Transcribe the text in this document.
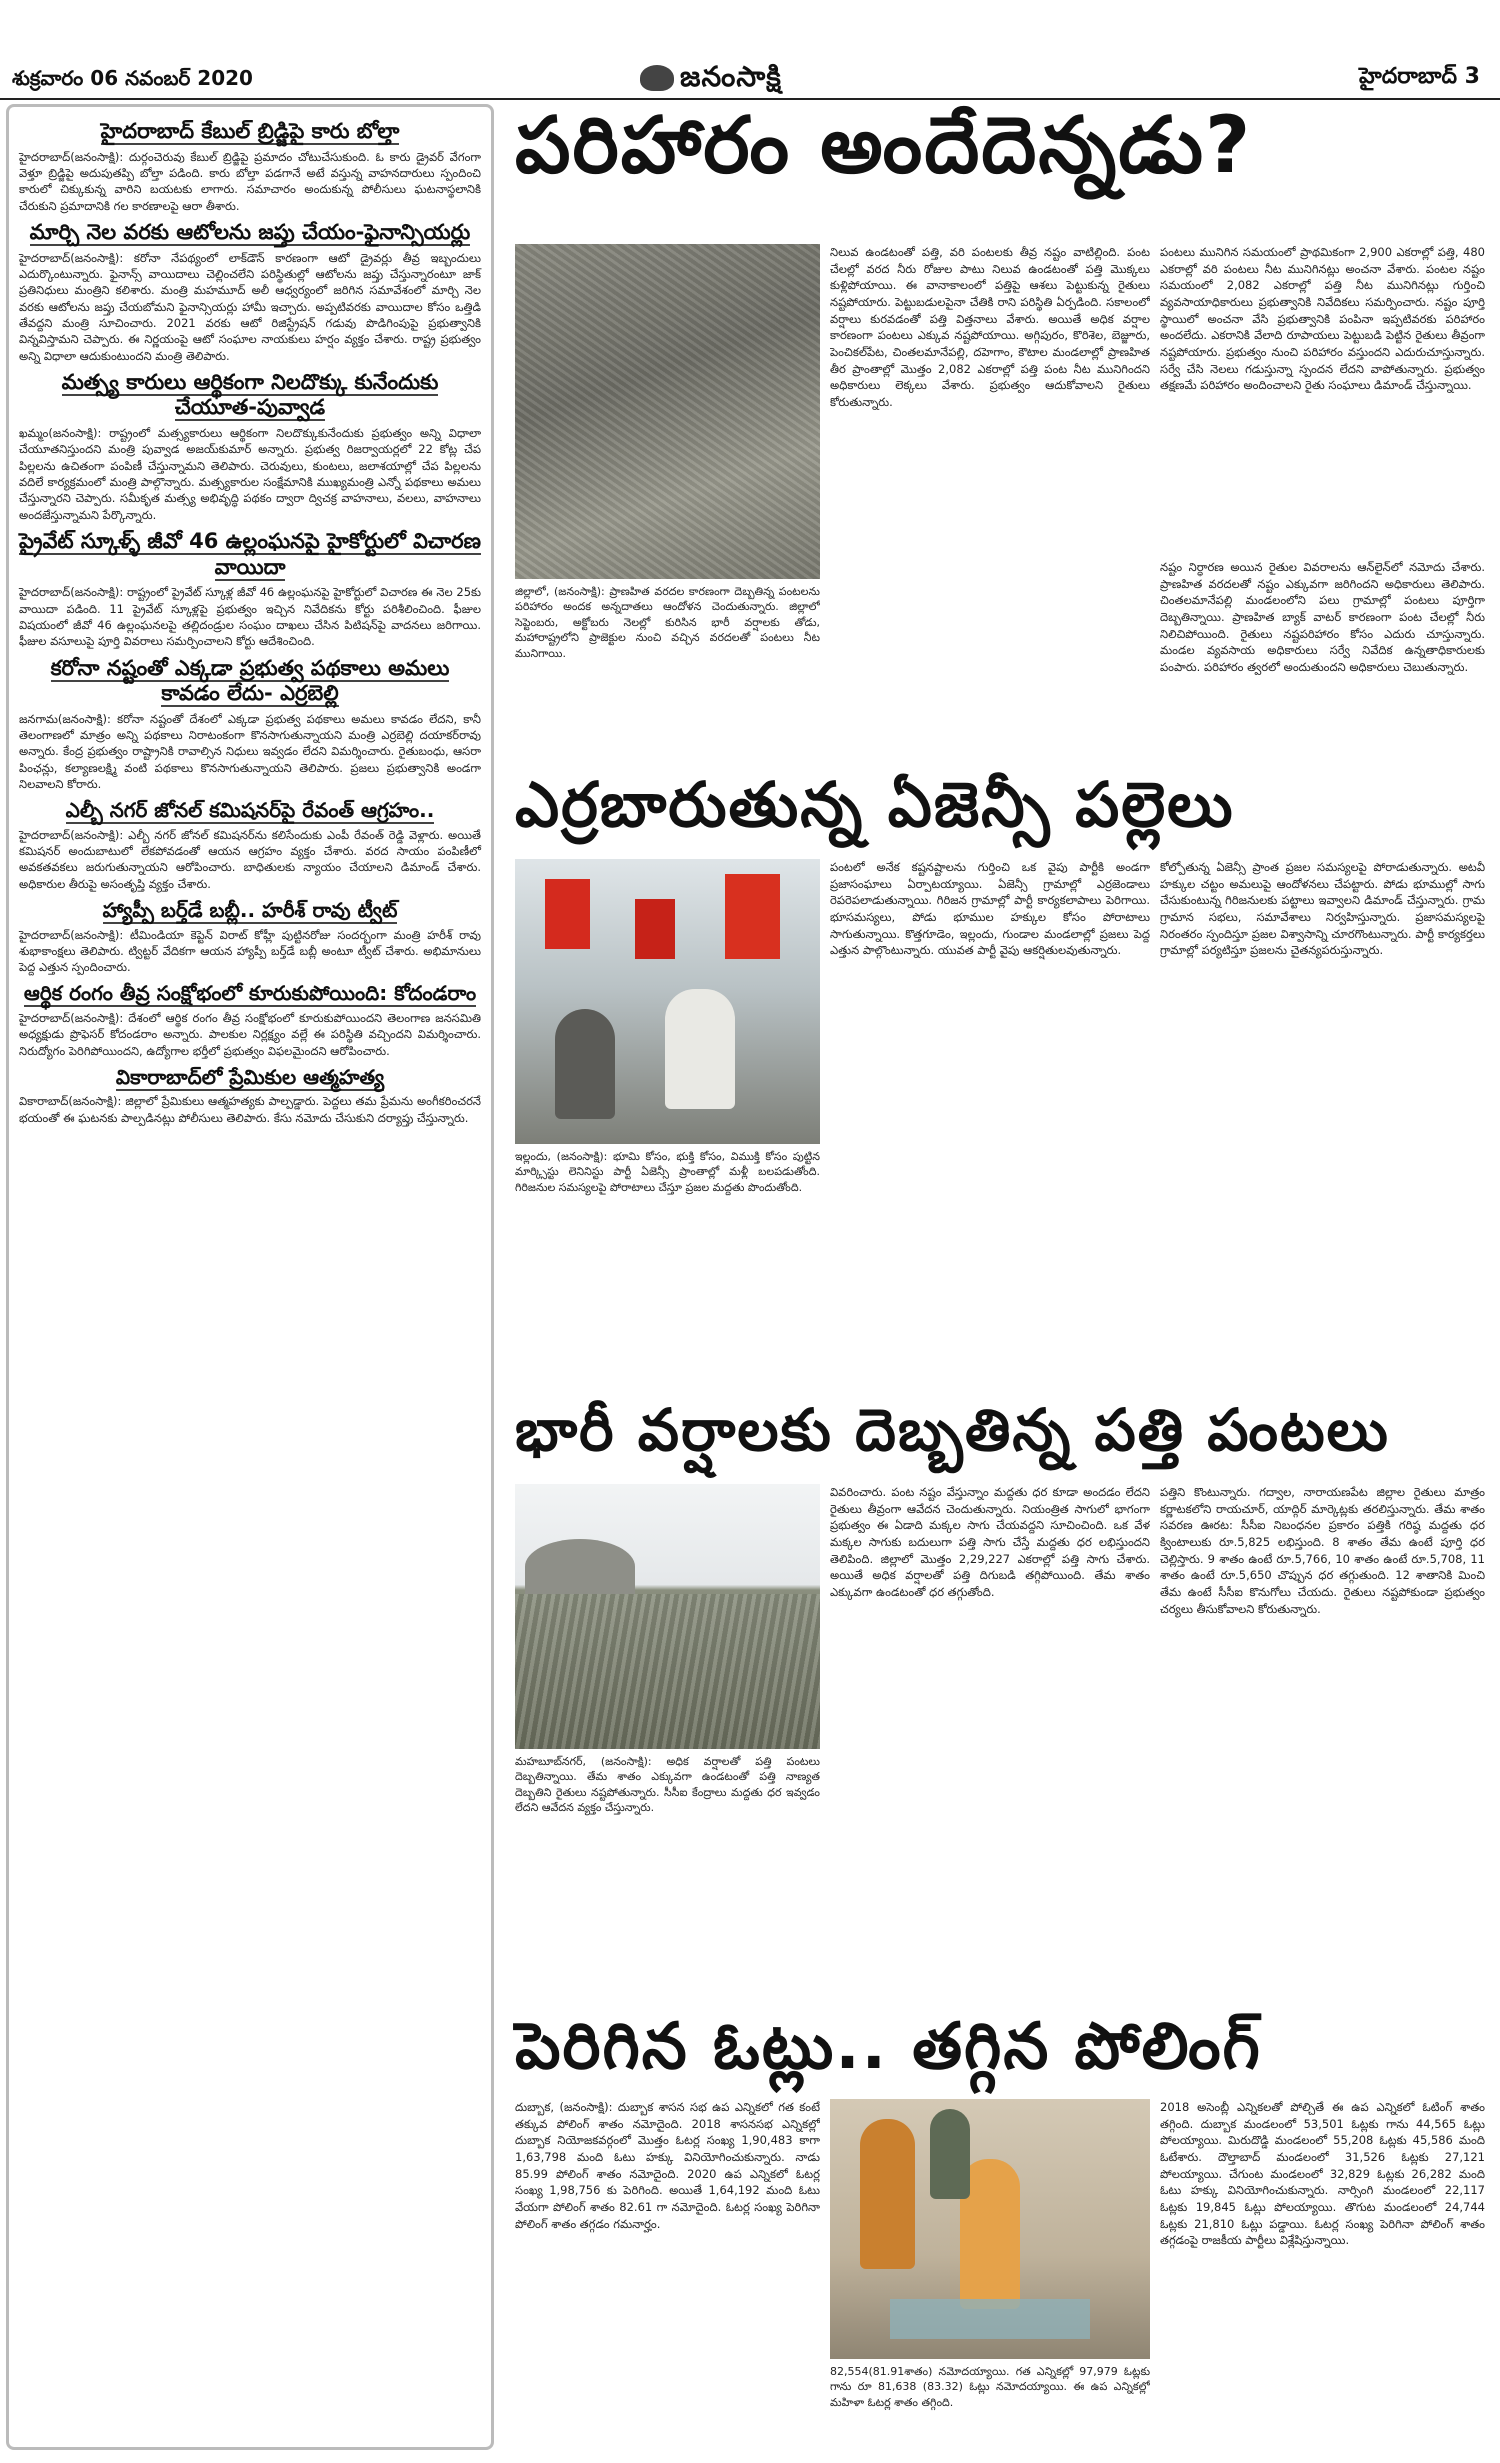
శుక్రవారం 06 నవంబర్ 2020	జనంసాక్షి	హైదరాబాద్ 3
హైదరాబాద్ కేబుల్ బ్రిడ్జిపై కారు బోల్తా
హైదరాబాద్(జనంసాక్షి): దుర్గంచెరువు కేబుల్ బ్రిడ్జిపై ప్రమాదం చోటుచేసుకుంది. ఓ కారు డ్రైవర్ వేగంగా వెళ్తూ బ్రిడ్జిపై అదుపుతప్పి బోల్తా పడింది. కారు బోల్తా పడగానే అటే వస్తున్న వాహనదారులు స్పందించి కారులో చిక్కుకున్న వారిని బయటకు లాగారు. సమాచారం అందుకున్న పోలీసులు ఘటనాస్థలానికి చేరుకుని ప్రమాదానికి గల కారణాలపై ఆరా తీశారు.
మార్చి నెల వరకు ఆటోలను జప్తు చేయం-ఫైనాన్సియర్లు
హైదరాబాద్(జనంసాక్షి): కరోనా నేపథ్యంలో లాక్‌డౌన్ కారణంగా ఆటో డ్రైవర్లు తీవ్ర ఇబ్బందులు ఎదుర్కొంటున్నారు. ఫైనాన్స్ వాయిదాలు చెల్లించలేని పరిస్థితుల్లో ఆటోలను జప్తు చేస్తున్నారంటూ జాక్ ప్రతినిధులు మంత్రిని కలిశారు. మంత్రి మహమూద్ అలీ ఆధ్వర్యంలో జరిగిన సమావేశంలో మార్చి నెల వరకు ఆటోలను జప్తు చేయబోమని ఫైనాన్సియర్లు హామీ ఇచ్చారు. అప్పటివరకు వాయిదాల కోసం ఒత్తిడి తేవద్దని మంత్రి సూచించారు. 2021 వరకు ఆటో రిజిస్ట్రేషన్ గడువు పొడిగింపుపై ప్రభుత్వానికి విన్నవిస్తామని చెప్పారు. ఈ నిర్ణయంపై ఆటో సంఘాల నాయకులు హర్షం వ్యక్తం చేశారు. రాష్ట్ర ప్రభుత్వం అన్ని విధాలా ఆదుకుంటుందని మంత్రి తెలిపారు.
మత్స్య కారులు ఆర్థికంగా నిలదొక్కు కునేందుకు చేయూత-పువ్వాడ
ఖమ్మం(జనంసాక్షి): రాష్ట్రంలో మత్స్యకారులు ఆర్థికంగా నిలదొక్కుకునేందుకు ప్రభుత్వం అన్ని విధాలా చేయూతనిస్తుందని మంత్రి పువ్వాడ అజయ్‌కుమార్ అన్నారు. ప్రభుత్వ రిజర్వాయర్లలో 22 కోట్ల చేప పిల్లలను ఉచితంగా పంపిణీ చేస్తున్నామని తెలిపారు. చెరువులు, కుంటలు, జలాశయాల్లో చేప పిల్లలను వదిలే కార్యక్రమంలో మంత్రి పాల్గొన్నారు. మత్స్యకారుల సంక్షేమానికి ముఖ్యమంత్రి ఎన్నో పథకాలు అమలు చేస్తున్నారని చెప్పారు. సమీకృత మత్స్య అభివృద్ధి పథకం ద్వారా ద్విచక్ర వాహనాలు, వలలు, వాహనాలు అందజేస్తున్నామని పేర్కొన్నారు.
ప్రైవేట్ స్కూళ్ళ్ జీవో 46 ఉల్లంఘనపై హైకోర్టులో విచారణ వాయిదా
హైదరాబాద్(జనంసాక్షి): రాష్ట్రంలో ప్రైవేట్ స్కూళ్ల జీవో 46 ఉల్లంఘనపై హైకోర్టులో విచారణ ఈ నెల 25కు వాయిదా పడింది. 11 ప్రైవేట్ స్కూళ్లపై ప్రభుత్వం ఇచ్చిన నివేదికను కోర్టు పరిశీలించింది. ఫీజుల విషయంలో జీవో 46 ఉల్లంఘనలపై తల్లిదండ్రుల సంఘం దాఖలు చేసిన పిటిషన్‌పై వాదనలు జరిగాయి. ఫీజుల వసూలుపై పూర్తి వివరాలు సమర్పించాలని కోర్టు ఆదేశించింది.
కరోనా నష్టంతో ఎక్కడా ప్రభుత్వ పథకాలు అమలు కావడం లేదు- ఎర్రబెల్లి
జనగామ(జనంసాక్షి): కరోనా నష్టంతో దేశంలో ఎక్కడా ప్రభుత్వ పథకాలు అమలు కావడం లేదని, కానీ తెలంగాణలో మాత్రం అన్ని పథకాలు నిరాటంకంగా కొనసాగుతున్నాయని మంత్రి ఎర్రబెల్లి దయాకర్‌రావు అన్నారు. కేంద్ర ప్రభుత్వం రాష్ట్రానికి రావాల్సిన నిధులు ఇవ్వడం లేదని విమర్శించారు. రైతుబంధు, ఆసరా పింఛన్లు, కల్యాణలక్ష్మి వంటి పథకాలు కొనసాగుతున్నాయని తెలిపారు. ప్రజలు ప్రభుత్వానికి అండగా నిలవాలని కోరారు.
ఎల్బీ నగర్ జోనల్ కమిషనర్‌పై రేవంత్ ఆగ్రహం..
హైదరాబాద్(జనంసాక్షి): ఎల్బీ నగర్ జోనల్ కమిషనర్‌ను కలిసేందుకు ఎంపీ రేవంత్ రెడ్డి వెళ్లారు. అయితే కమిషనర్ అందుబాటులో లేకపోవడంతో ఆయన ఆగ్రహం వ్యక్తం చేశారు. వరద సాయం పంపిణీలో అవకతవకలు జరుగుతున్నాయని ఆరోపించారు. బాధితులకు న్యాయం చేయాలని డిమాండ్ చేశారు. అధికారుల తీరుపై అసంతృప్తి వ్యక్తం చేశారు.
హ్యాప్పీ బర్త్‌డే బబ్లీ.. హరీశ్ రావు ట్వీట్
హైదరాబాద్(జనంసాక్షి): టీమిండియా కెప్టెన్ విరాట్ కోహ్లీ పుట్టినరోజు సందర్భంగా మంత్రి హరీశ్ రావు శుభాకాంక్షలు తెలిపారు. ట్విట్టర్ వేదికగా ఆయన హ్యాప్పీ బర్త్‌డే బబ్లీ అంటూ ట్వీట్ చేశారు. అభిమానులు పెద్ద ఎత్తున స్పందించారు.
ఆర్థిక రంగం తీవ్ర సంక్షోభంలో కూరుకుపోయింది: కోదండరాం
హైదరాబాద్(జనంసాక్షి): దేశంలో ఆర్థిక రంగం తీవ్ర సంక్షోభంలో కూరుకుపోయిందని తెలంగాణ జనసమితి అధ్యక్షుడు ప్రొఫెసర్ కోదండరాం అన్నారు. పాలకుల నిర్లక్ష్యం వల్లే ఈ పరిస్థితి వచ్చిందని విమర్శించారు. నిరుద్యోగం పెరిగిపోయిందని, ఉద్యోగాల భర్తీలో ప్రభుత్వం విఫలమైందని ఆరోపించారు.
వికారాబాద్‌లో ప్రేమికుల ఆత్మహత్య
వికారాబాద్(జనంసాక్షి): జిల్లాలో ప్రేమికులు ఆత్మహత్యకు పాల్పడ్డారు. పెద్దలు తమ ప్రేమను అంగీకరించరనే భయంతో ఈ ఘటనకు పాల్పడినట్లు పోలీసులు తెలిపారు. కేసు నమోదు చేసుకుని దర్యాప్తు చేస్తున్నారు.
పరిహారం అందేదెన్నడు?
జిల్లాలో, (జనంసాక్షి): ప్రాణహిత వరదల కారణంగా దెబ్బతిన్న పంటలను పరిహారం అందక అన్నదాతలు ఆందోళన చెందుతున్నారు. జిల్లాలో సెప్టెంబరు, అక్టోబరు నెలల్లో కురిసిన భారీ వర్షాలకు తోడు, మహారాష్ట్రలోని ప్రాజెక్టుల నుంచి వచ్చిన వరదలతో పంటలు నీట మునిగాయి.
నిలువ ఉండటంతో పత్తి, వరి పంటలకు తీవ్ర నష్టం వాటిల్లింది. పంట చేలల్లో వరద నీరు రోజుల పాటు నిలువ ఉండటంతో పత్తి మొక్కలు కుళ్లిపోయాయి. ఈ వానాకాలంలో పత్తిపై ఆశలు పెట్టుకున్న రైతులు నష్టపోయారు. పెట్టుబడులపైనా చేతికి రాని పరిస్థితి ఏర్పడింది. సకాలంలో వర్షాలు కురవడంతో పత్తి విత్తనాలు వేశారు. అయితే అధిక వర్షాల కారణంగా పంటలు ఎక్కువ నష్టపోయాయి. అగ్గిపురం, కొరిశెల, బెజ్జూరు, పెంచికల్‌పేట, చింతలమానేపల్లి, దహెగాం, కౌటాల మండలాల్లో ప్రాణహిత తీర ప్రాంతాల్లో మొత్తం 2,082 ఎకరాల్లో పత్తి పంట నీట మునిగిందని అధికారులు లెక్కలు వేశారు. ప్రభుత్వం ఆదుకోవాలని రైతులు కోరుతున్నారు.
పంటలు మునిగిన సమయంలో ప్రాథమికంగా 2,900 ఎకరాల్లో పత్తి, 480 ఎకరాల్లో వరి పంటలు నీట మునిగినట్లు అంచనా వేశారు. పంటల నష్టం సమయంలో 2,082 ఎకరాల్లో పత్తి నీట మునిగినట్లు గుర్తించి వ్యవసాయాధికారులు ప్రభుత్వానికి నివేదికలు సమర్పించారు. నష్టం పూర్తి స్థాయిలో అంచనా వేసి ప్రభుత్వానికి పంపినా ఇప్పటివరకు పరిహారం అందలేదు. ఎకరానికి వేలాది రూపాయలు పెట్టుబడి పెట్టిన రైతులు తీవ్రంగా నష్టపోయారు. ప్రభుత్వం నుంచి పరిహారం వస్తుందని ఎదురుచూస్తున్నారు. సర్వే చేసి నెలలు గడుస్తున్నా స్పందన లేదని వాపోతున్నారు. ప్రభుత్వం తక్షణమే పరిహారం అందించాలని రైతు సంఘాలు డిమాండ్ చేస్తున్నాయి.
నష్టం నిర్ధారణ అయిన రైతుల వివరాలను ఆన్‌లైన్‌లో నమోదు చేశారు. ప్రాణహిత వరదలతో నష్టం ఎక్కువగా జరిగిందని అధికారులు తెలిపారు. చింతలమానేపల్లి మండలంలోని పలు గ్రామాల్లో పంటలు పూర్తిగా దెబ్బతిన్నాయి. ప్రాణహిత బ్యాక్ వాటర్ కారణంగా పంట చేలల్లో నీరు నిలిచిపోయింది. రైతులు నష్టపరిహారం కోసం ఎదురు చూస్తున్నారు. మండల వ్యవసాయ అధికారులు సర్వే నివేదిక ఉన్నతాధికారులకు పంపారు. పరిహారం త్వరలో అందుతుందని అధికారులు చెబుతున్నారు.
ఎర్రబారుతున్న ఏజెన్సీ పల్లెలు
ఇల్లందు, (జనంసాక్షి): భూమి కోసం, భుక్తి కోసం, విముక్తి కోసం పుట్టిన మార్క్సిస్టు లెనినిస్టు పార్టీ ఏజెన్సీ ప్రాంతాల్లో మళ్లీ బలపడుతోంది. గిరిజనుల సమస్యలపై పోరాటాలు చేస్తూ ప్రజల మద్దతు పొందుతోంది.
పంటలో అనేక కష్టనష్టాలను గుర్తించి ఒక వైపు పార్టీకి అండగా ప్రజాసంఘాలు ఏర్పాటయ్యాయి. ఏజెన్సీ గ్రామాల్లో ఎర్రజెండాలు రెపరెపలాడుతున్నాయి. గిరిజన గ్రామాల్లో పార్టీ కార్యకలాపాలు పెరిగాయి. భూసమస్యలు, పోడు భూముల హక్కుల కోసం పోరాటాలు సాగుతున్నాయి. కొత్తగూడెం, ఇల్లందు, గుండాల మండలాల్లో ప్రజలు పెద్ద ఎత్తున పాల్గొంటున్నారు. యువత పార్టీ వైపు ఆకర్షితులవుతున్నారు.
కోల్పోతున్న ఏజెన్సీ ప్రాంత ప్రజల సమస్యలపై పోరాడుతున్నారు. అటవీ హక్కుల చట్టం అమలుపై ఆందోళనలు చేపట్టారు. పోడు భూముల్లో సాగు చేసుకుంటున్న గిరిజనులకు పట్టాలు ఇవ్వాలని డిమాండ్ చేస్తున్నారు. గ్రామ గ్రామాన సభలు, సమావేశాలు నిర్వహిస్తున్నారు. ప్రజాసమస్యలపై నిరంతరం స్పందిస్తూ ప్రజల విశ్వాసాన్ని చూరగొంటున్నారు. పార్టీ కార్యకర్తలు గ్రామాల్లో పర్యటిస్తూ ప్రజలను చైతన్యపరుస్తున్నారు.
భారీ వర్షాలకు దెబ్బతిన్న పత్తి పంటలు
మహబూబ్‌నగర్, (జనంసాక్షి): అధిక వర్షాలతో పత్తి పంటలు దెబ్బతిన్నాయి. తేమ శాతం ఎక్కువగా ఉండటంతో పత్తి నాణ్యత దెబ్బతిని రైతులు నష్టపోతున్నారు. సీసీఐ కేంద్రాలు మద్దతు ధర ఇవ్వడం లేదని ఆవేదన వ్యక్తం చేస్తున్నారు.
వివరించారు. పంట నష్టం వేస్తున్నాం మద్దతు ధర కూడా అందడం లేదని రైతులు తీవ్రంగా ఆవేదన చెందుతున్నారు. నియంత్రిత సాగులో భాగంగా ప్రభుత్వం ఈ ఏడాది మక్కల సాగు చేయవద్దని సూచించింది. ఒక వేళ మక్కల సాగుకు బదులుగా పత్తి సాగు చేస్తే మద్దతు ధర లభిస్తుందని తెలిపింది. జిల్లాలో మొత్తం 2,29,227 ఎకరాల్లో పత్తి సాగు చేశారు. అయితే అధిక వర్షాలతో పత్తి దిగుబడి తగ్గిపోయింది. తేమ శాతం ఎక్కువగా ఉండటంతో ధర తగ్గుతోంది.
పత్తిని కొంటున్నారు. గద్వాల, నారాయణపేట జిల్లాల రైతులు మాత్రం కర్ణాటకలోని రాయచూర్, యాద్గిర్ మార్కెట్లకు తరలిస్తున్నారు. తేమ శాతం సవరణ ఊరట: సీసీఐ నిబంధనల ప్రకారం పత్తికి గరిష్ఠ మద్దతు ధర క్వింటాలుకు రూ.5,825 లభిస్తుంది. 8 శాతం తేమ ఉంటే పూర్తి ధర చెల్లిస్తారు. 9 శాతం ఉంటే రూ.5,766, 10 శాతం ఉంటే రూ.5,708, 11 శాతం ఉంటే రూ.5,650 చొప్పున ధర తగ్గుతుంది. 12 శాతానికి మించి తేమ ఉంటే సీసీఐ కొనుగోలు చేయదు. రైతులు నష్టపోకుండా ప్రభుత్వం చర్యలు తీసుకోవాలని కోరుతున్నారు.
పెరిగిన ఓట్లు.. తగ్గిన పోలింగ్
దుబ్బాక, (జనంసాక్షి): దుబ్బాక శాసన సభ ఉప ఎన్నికలో గత కంటే తక్కువ పోలింగ్ శాతం నమోదైంది. 2018 శాసనసభ ఎన్నికల్లో దుబ్బాక నియోజకవర్గంలో మొత్తం ఓటర్ల సంఖ్య 1,90,483 కాగా 1,63,798 మంది ఓటు హక్కు వినియోగించుకున్నారు. నాడు 85.99 పోలింగ్ శాతం నమోదైంది. 2020 ఉప ఎన్నికలో ఓటర్ల సంఖ్య 1,98,756 కు పెరిగింది. అయితే 1,64,192 మంది ఓటు వేయగా పోలింగ్ శాతం 82.61 గా నమోదైంది. ఓటర్ల సంఖ్య పెరిగినా పోలింగ్ శాతం తగ్గడం గమనార్హం.
82,554(81.91శాతం) నమోదయ్యాయి. గత ఎన్నికల్లో 97,979 ఓట్లకు గాను రూ 81,638 (83.32) ఓట్లు నమోదయ్యాయి. ఈ ఉప ఎన్నికల్లో మహిళా ఓటర్ల శాతం తగ్గింది.
2018 అసెంబ్లీ ఎన్నికలతో పోల్చితే ఈ ఉప ఎన్నికలో ఓటింగ్ శాతం తగ్గింది. దుబ్బాక మండలంలో 53,501 ఓట్లకు గాను 44,565 ఓట్లు పోలయ్యాయి. మిరుదొడ్డి మండలంలో 55,208 ఓట్లకు 45,586 మంది ఓటేశారు. దౌల్తాబాద్ మండలంలో 31,526 ఓట్లకు 27,121 పోలయ్యాయి. చేగుంట మండలంలో 32,829 ఓట్లకు 26,282 మంది ఓటు హక్కు వినియోగించుకున్నారు. నార్సింగి మండలంలో 22,117 ఓట్లకు 19,845 ఓట్లు పోలయ్యాయి. తొగుట మండలంలో 24,744 ఓట్లకు 21,810 ఓట్లు పడ్డాయి. ఓటర్ల సంఖ్య పెరిగినా పోలింగ్ శాతం తగ్గడంపై రాజకీయ పార్టీలు విశ్లేషిస్తున్నాయి.
